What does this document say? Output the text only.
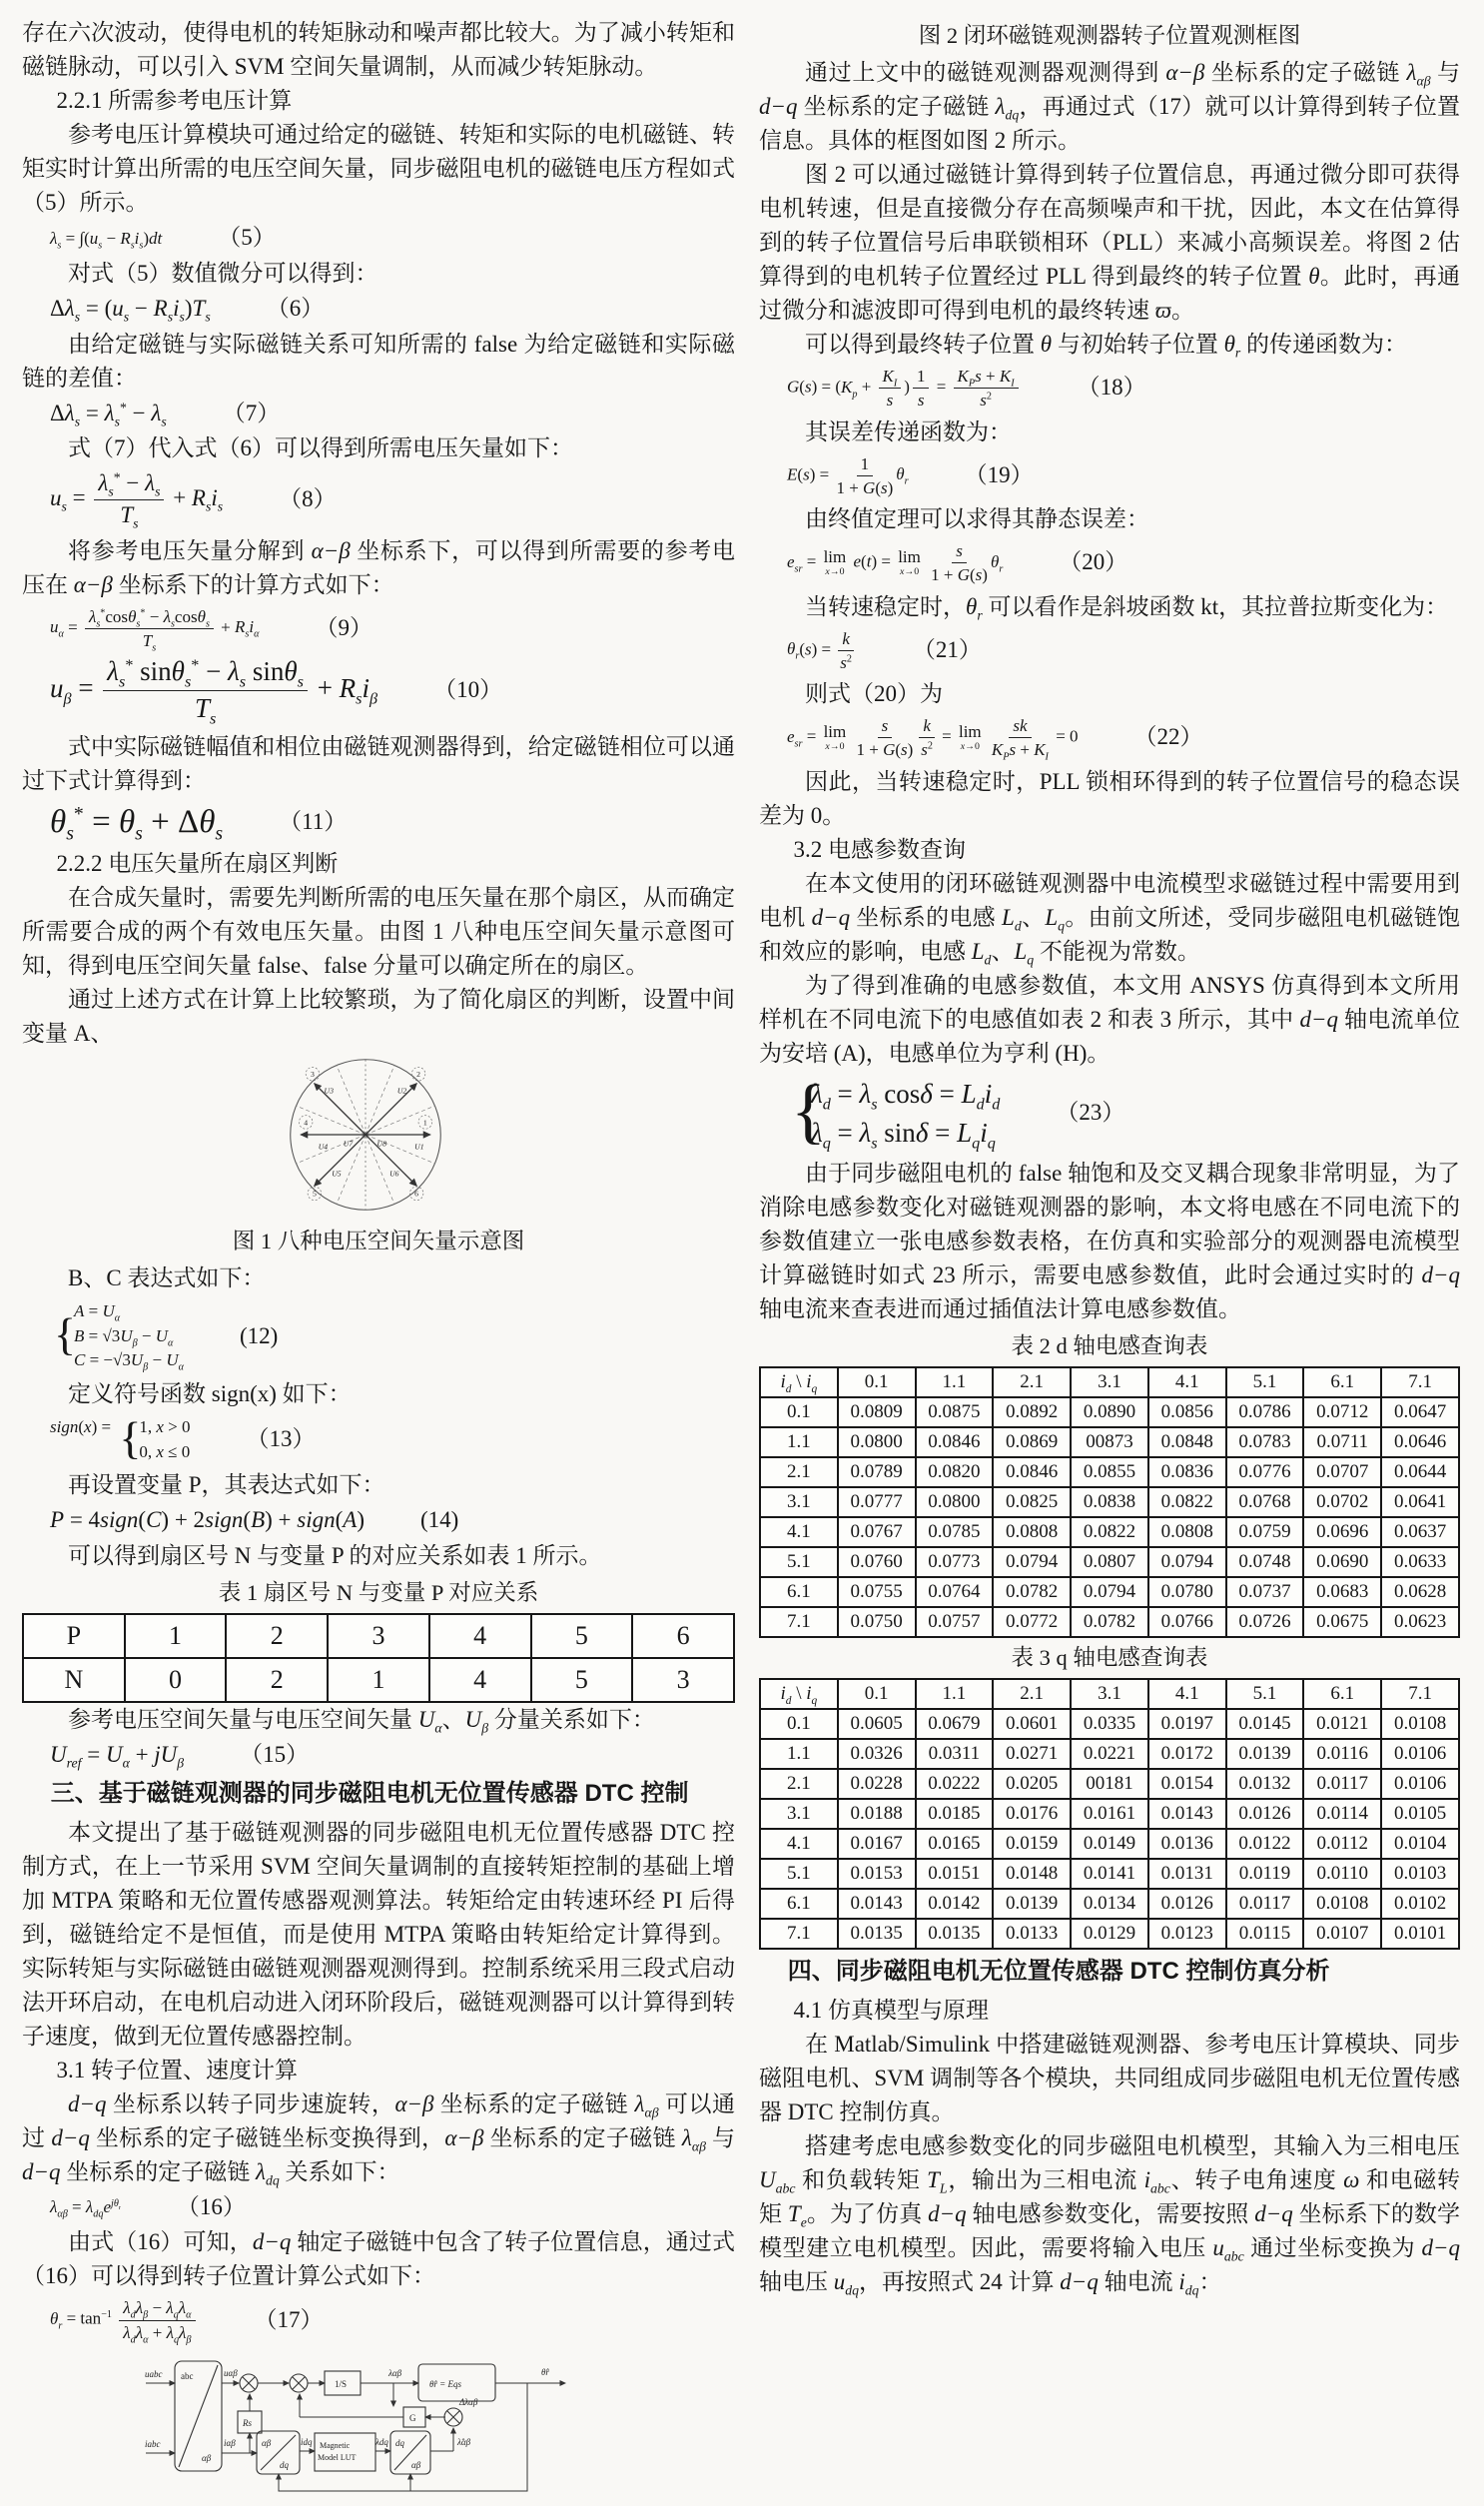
存在六次波动，使得电机的转矩脉动和噪声都比较大。为了减小转矩和磁链脉动，可以引入 SVM 空间矢量调制，从而减少转矩脉动。

2.2.1 所需参考电压计算

参考电压计算模块可通过给定的磁链、转矩和实际的电机磁链、转矩实时计算出所需的电压空间矢量，同步磁阻电机的磁链电压方程如式（5）所示。

$\lambda_s = \int(u_s - R_si_s)dt$ （5）

对式（5）数值微分可以得到：

$\Delta\lambda_s = (u_s - R_si_s)T_s$ （6）

由给定磁链与实际磁链关系可知所需的 false 为给定磁链和实际磁链的差值：

$\Delta\lambda_s = \lambda_s^* - \lambda_s$ （7）

式（7）代入式（6）可以得到所需电压矢量如下：

$u_s = \frac{\lambda_s^* - \lambda_s}{T_s} + R_si_s$ （8）

将参考电压矢量分解到 α−β 坐标系下，可以得到所需要的参考电压在 α−β 坐标系下的计算方式如下：

$u_\alpha = \frac{\lambda_s^*\cos\theta_s^* - \lambda_s\cos\theta_s}{T_s} + R_si_\alpha$ （9）
$u_\beta = \frac{\lambda_s^* \sin\theta_s^* - \lambda_s \sin\theta_s}{T_s} + R_si_\beta$ （10）

式中实际磁链幅值和相位由磁链观测器得到，给定磁链相位可以通过下式计算得到：

$\theta_s^* = \theta_s + \Delta\theta_s$ （11）

2.2.2 电压矢量所在扇区判断

在合成矢量时，需要先判断所需的电压矢量在那个扇区，从而确定所需要合成的两个有效电压矢量。由图 1 八种电压空间矢量示意图可知，得到电压空间矢量 false、false 分量可以确定所在的扇区。

通过上述方式在计算上比较繁琐，为了简化扇区的判断，设置中间变量 A、

1
2
3
4
5	6
U1
U2
U3
U4
U5	U6
U7	U8

图 1 八种电压空间矢量示意图

B、C 表达式如下：

{ $A = U_\alpha$
$B = √3U_\beta - U_\alpha$
$C = -√3U_\beta - U_\alpha$
(12)

定义符号函数 sign(x) 如下：

sign(x) = { 1, x > 0
0, x ≤ 0 （13）

再设置变量 P，其表达式如下：

P = 4sign(C) + 2sign(B) + sign(A) (14)

可以得到扇区号 N 与变量 P 的对应关系如表 1 所示。

表 1 扇区号 N 与变量 P 对应关系

P	1	2	3	4	5	6
N	0	2	1	4	5	3

参考电压空间矢量与电压空间矢量 $U_\alpha$、$U_\beta$ 分量关系如下：

$U_{ref} = U_\alpha + jU_\beta$ （15）

三、基于磁链观测器的同步磁阻电机无位置传感器 DTC 控制

本文提出了基于磁链观测器的同步磁阻电机无位置传感器 DTC 控制方式，在上一节采用 SVM 空间矢量调制的直接转矩控制的基础上增加 MTPA 策略和无位置传感器观测算法。转矩给定由转速环经 PI 后得到，磁链给定不是恒值，而是使用 MTPA 策略由转矩给定计算得到。实际转矩与实际磁链由磁链观测器观测得到。控制系统采用三段式启动法开环启动，在电机启动进入闭环阶段后，磁链观测器可以计算得到转子速度，做到无位置传感器控制。

3.1 转子位置、速度计算

d−q 坐标系以转子同步速旋转，α−β 坐标系的定子磁链 $\lambda_{\alpha\beta}$ 可以通过 d−q 坐标系的定子磁链坐标变换得到，α−β 坐标系的定子磁链 $\lambda_{\alpha\beta}$ 与 d−q 坐标系的定子磁链 $\lambda_{dq}$ 关系如下：

$\lambda_{\alpha\beta} = \lambda_{dq}e^{j\theta_r}$ （16）

由式（16）可知，d−q 轴定子磁链中包含了转子位置信息，通过式（16）可以得到转子位置计算公式如下：

$\theta_r = \tan^{-1} \frac{\lambda_d\lambda_\beta - \lambda_q\lambda_\alpha}{\lambda_d\lambda_\alpha + \lambda_q\lambda_\beta}$	（17）
uabc
iabc
abc
αβ
uαβ
Rs
iαβ	αβ
dq
idq Magnetic
Model LUT
λdq dq
αβ
λ̂αβ
Δλαβ
G
1/S
λαβ
θ̂r = Eqs
θ̂r

图 2 闭环磁链观测器转子位置观测框图

通过上文中的磁链观测器观测得到 α−β 坐标系的定子磁链 $\lambda_{\alpha\beta}$ 与 d−q 坐标系的定子磁链 $\lambda_{dq}$，再通过式（17）就可以计算得到转子位置信息。具体的框图如图 2 所示。

图 2 可以通过磁链计算得到转子位置信息，再通过微分即可获得电机转速，但是直接微分存在高频噪声和干扰，因此，本文在估算得到的转子位置信号后串联锁相环（PLL）来减小高频误差。将图 2 估算得到的电机转子位置经过 PLL 得到最终的转子位置 θ。此时，再通过微分和滤波即可得到电机的最终转速 ϖ。

可以得到最终转子位置 θ 与初始转子位置 $\theta_r$ 的传递函数为：

$G(s) = (K_p + \frac{K_I}{s}$ ) $\frac{1}{s} = \frac{K_Ps + K_I}{s^2}$	（18）

其误差传递函数为：

$E(s) = \frac{1}{1 + G(s)} \theta_r$ （19）

由终值定理可以求得其静态误差：

$e_{sr} = \lim$
x→0
e(t) = lim
x→0
$\frac{s}{1 + G(s)} \theta_r$ （20）

当转速稳定时，$\theta_r$ 可以看作是斜坡函数 kt，其拉普拉斯变化为：

$\theta_r(s) = \frac{k}{s^2}$	（21）

则式（20）为

$e_{sr} = \lim$
x→0
$\frac{s}{1 + G(s)} \frac{k}{s^2} = \lim$
x→0
$\frac{sk}{K_Ps + K_I} = 0$ （22）

因此，当转速稳定时，PLL 锁相环得到的转子位置信号的稳态误差为 0。

3.2 电感参数查询

在本文使用的闭环磁链观测器中电流模型求磁链过程中需要用到电机 d−q 坐标系的电感 $L_d$、$L_q$。由前文所述，受同步磁阻电机磁链饱和效应的影响，电感 $L_d$、$L_q$ 不能视为常数。

为了得到准确的电感参数值，本文用 ANSYS 仿真得到本文所用样机在不同电流下的电感值如表 2 和表 3 所示，其中 d−q 轴电流单位为安培 (A)，电感单位为亨利 (H)。

{ $\lambda_d = \lambda_s$ $\cos\delta = L_di_d$
$\lambda_q = \lambda_s$ $\sin\delta = L_qi_q$
（23）

由于同步磁阻电机的 false 轴饱和及交叉耦合现象非常明显，为了消除电感参数变化对磁链观测器的影响，本文将电感在不同电流下的参数值建立一张电感参数表格，在仿真和实验部分的观测器电流模型计算磁链时如式 23 所示，需要电感参数值，此时会通过实时的 d−q 轴电流来查表进而通过插值法计算电感参数值。

表 2 d 轴电感查询表

$i_d$ \ $i_q$	0.1	1.1	2.1	3.1	4.1	5.1	6.1	7.1
0.1	0.0809	0.0875	0.0892	0.0890	0.0856	0.0786	0.0712	0.0647
1.1	0.0800	0.0846	0.0869	00873	0.0848	0.0783	0.0711	0.0646
2.1	0.0789	0.0820	0.0846	0.0855	0.0836	0.0776	0.0707	0.0644
3.1	0.0777	0.0800	0.0825	0.0838	0.0822	0.0768	0.0702	0.0641
4.1	0.0767	0.0785	0.0808	0.0822	0.0808	0.0759	0.0696	0.0637
5.1	0.0760	0.0773	0.0794	0.0807	0.0794	0.0748	0.0690	0.0633
6.1	0.0755	0.0764	0.0782	0.0794	0.0780	0.0737	0.0683	0.0628
7.1	0.0750	0.0757	0.0772	0.0782	0.0766	0.0726	0.0675	0.0623

表 3 q 轴电感查询表

$i_d$ \ $i_q$	0.1	1.1	2.1	3.1	4.1	5.1	6.1	7.1
0.1	0.0605	0.0679	0.0601	0.0335	0.0197	0.0145	0.0121	0.0108
1.1	0.0326	0.0311	0.0271	0.0221	0.0172	0.0139	0.0116	0.0106
2.1	0.0228	0.0222	0.0205	00181	0.0154	0.0132	0.0117	0.0106
3.1	0.0188	0.0185	0.0176	0.0161	0.0143	0.0126	0.0114	0.0105
4.1	0.0167	0.0165	0.0159	0.0149	0.0136	0.0122	0.0112	0.0104
5.1	0.0153	0.0151	0.0148	0.0141	0.0131	0.0119	0.0110	0.0103
6.1	0.0143	0.0142	0.0139	0.0134	0.0126	0.0117	0.0108	0.0102
7.1	0.0135	0.0135	0.0133	0.0129	0.0123	0.0115	0.0107	0.0101

四、同步磁阻电机无位置传感器 DTC 控制仿真分析

4.1 仿真模型与原理

在 Matlab/Simulink 中搭建磁链观测器、参考电压计算模块、同步磁阻电机、SVM 调制等各个模块，共同组成同步磁阻电机无位置传感器 DTC 控制仿真。

搭建考虑电感参数变化的同步磁阻电机模型，其输入为三相电压 $U_{abc}$ 和负载转矩 $T_L$，输出为三相电流 $i_{abc}$、转子电角速度 ω 和电磁转矩 $T_e$。为了仿真 d−q 轴电感参数变化，需要按照 d−q 坐标系下的数学模型建立电机模型。因此，需要将输入电压 $u_{abc}$ 通过坐标变换为 d−q 轴电压 $u_{dq}$，再按照式 24 计算 d−q 轴电流 $i_{dq}$：
